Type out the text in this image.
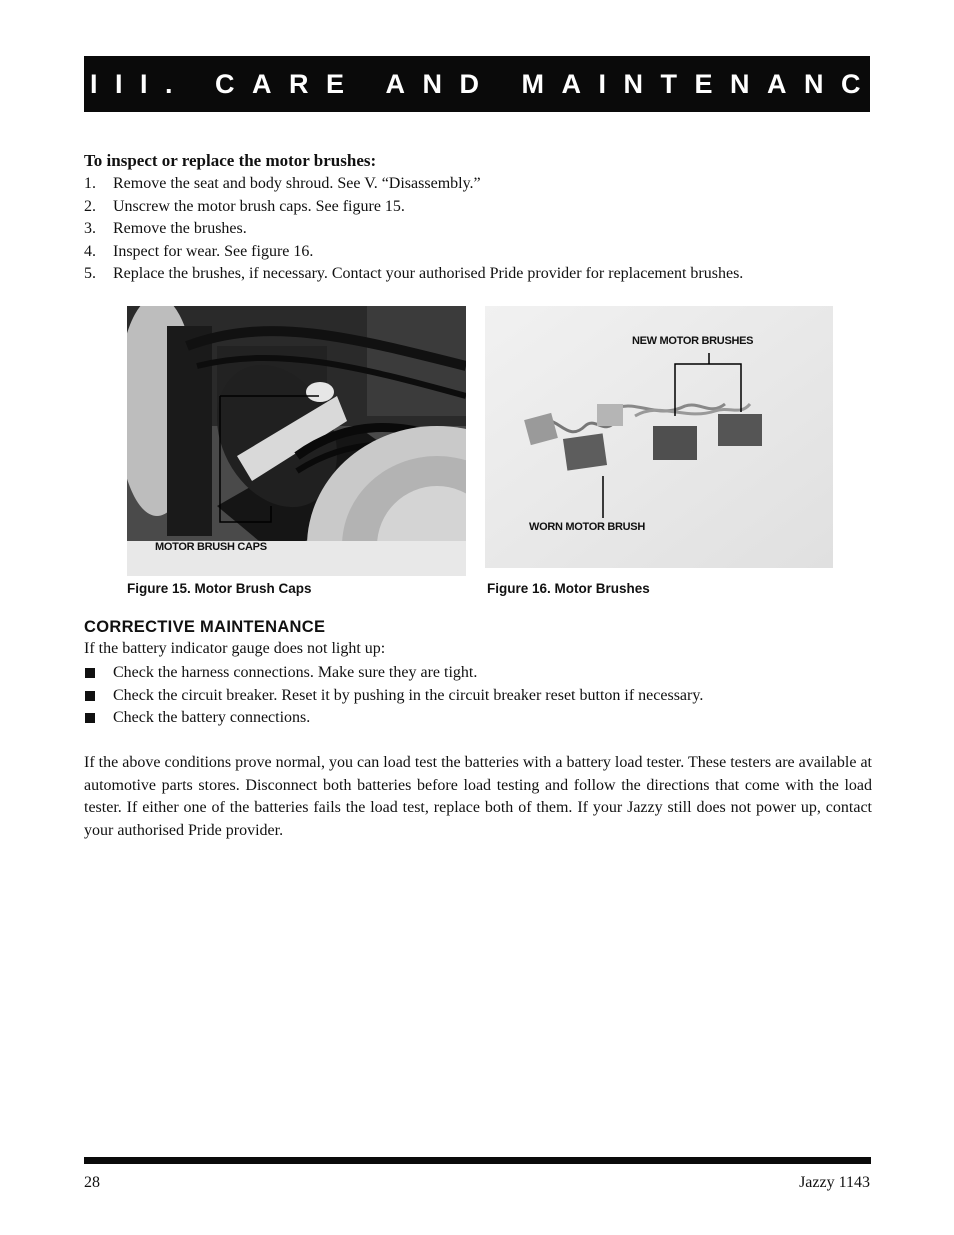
VIII. CARE AND MAINTENANCE
To inspect or replace the motor brushes:
1.	Remove the seat and body shroud. See V. “Disassembly.”
2.	Unscrew the motor brush caps. See figure 15.
3.	Remove the brushes.
4.	Inspect for wear. See figure 16.
5.	Replace the brushes, if necessary. Contact your authorised Pride provider for replacement brushes.
MOTOR BRUSH CAPS
NEW MOTOR BRUSHES
WORN MOTOR BRUSH
Figure 15. Motor Brush Caps	Figure 16. Motor Brushes
CORRECTIVE MAINTENANCE
If the battery indicator gauge does not light up:
Check the harness connections. Make sure they are tight.
Check the circuit breaker. Reset it by pushing in the circuit breaker reset button if necessary.
Check the battery connections.
If the above conditions prove normal, you can load test the batteries with a battery load tester. These testers are available at automotive parts stores. Disconnect both batteries before load testing and follow the directions that come with the load tester. If either one of the batteries fails the load test, replace both of them. If your Jazzy still does not power up, contact your authorised Pride provider.
28	Jazzy 1143
